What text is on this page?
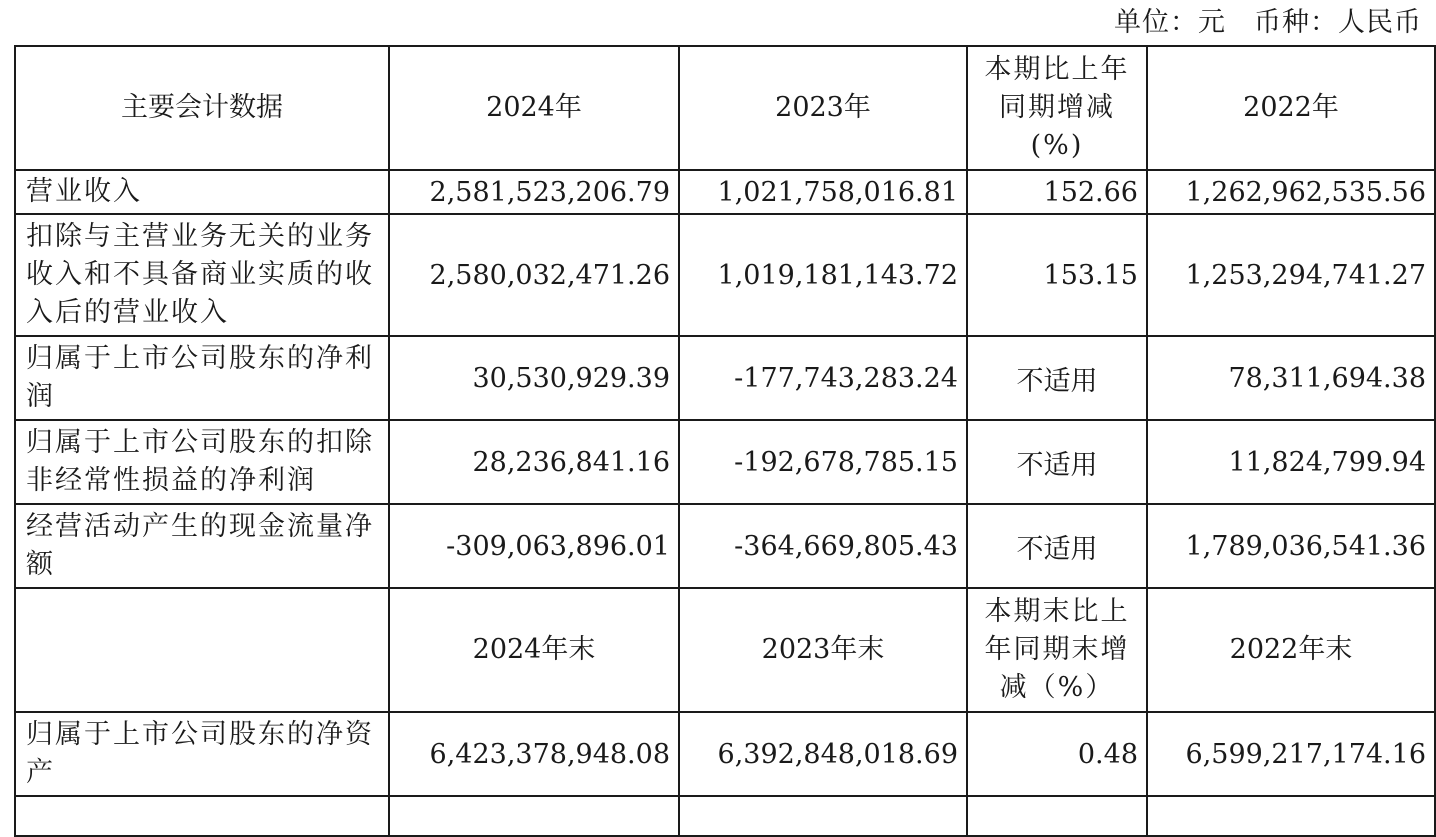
单位：元 币种：人民币
主要会计数据	2024年	2023年	本期比上年同期增减(%)	2022年
营业收入	2,581,523,206.79	1,021,758,016.81	152.66	1,262,962,535.56
扣除与主营业务无关的业务收入和不具备商业实质的收入后的营业收入	2,580,032,471.26	1,019,181,143.72	153.15	1,253,294,741.27
归属于上市公司股东的净利润	30,530,929.39	-177,743,283.24	不适用	78,311,694.38
归属于上市公司股东的扣除非经常性损益的净利润	28,236,841.16	-192,678,785.15	不适用	11,824,799.94
经营活动产生的现金流量净额	-309,063,896.01	-364,669,805.43	不适用	1,789,036,541.36
	2024年末	2023年末	本期末比上年同期末增减（%）	2022年末
归属于上市公司股东的净资产	6,423,378,948.08	6,392,848,018.69	0.48	6,599,217,174.16
